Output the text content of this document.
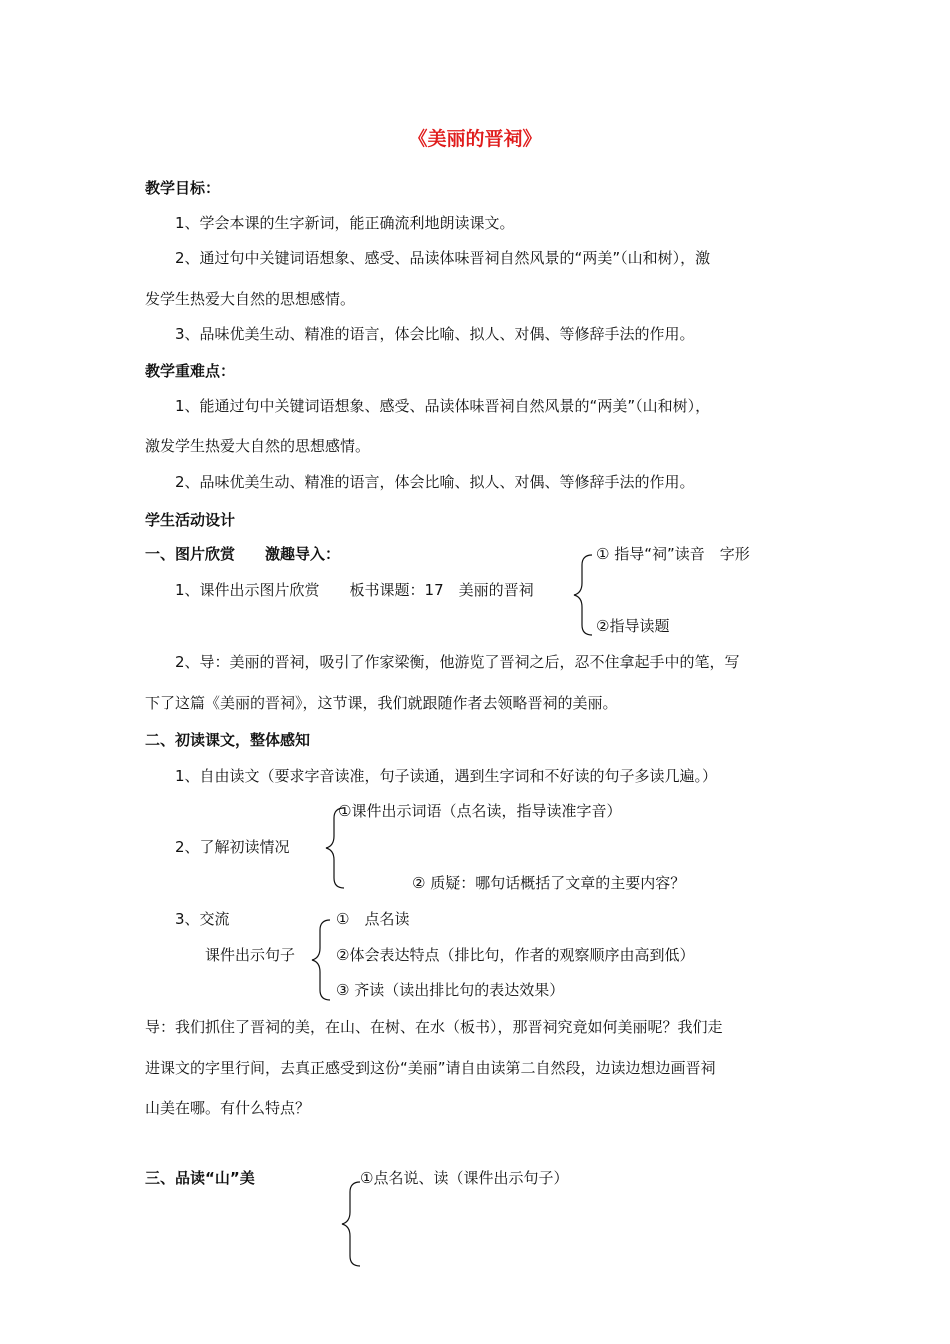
《美丽的晋祠》
教学目标：
1、学会本课的生字新词，能正确流利地朗读课文。
2、通过句中关键词语想象、感受、品读体味晋祠自然风景的“两美”（山和树），激
发学生热爱大自然的思想感情。
3、品味优美生动、精准的语言，体会比喻、拟人、对偶、等修辞手法的作用。
教学重难点：
1、能通过句中关键词语想象、感受、品读体味晋祠自然风景的“两美”（山和树），
激发学生热爱大自然的思想感情。
2、品味优美生动、精准的语言，体会比喻、拟人、对偶、等修辞手法的作用。
学生活动设计
一、图片欣赏　　激趣导入：
1、课件出示图片欣赏　　板书课题：17　美丽的晋祠
① 指导“祠”读音　字形
②指导读题
2、导：美丽的晋祠，吸引了作家梁衡，他游览了晋祠之后，忍不住拿起手中的笔，写
下了这篇《美丽的晋祠》，这节课，我们就跟随作者去领略晋祠的美丽。
二、初读课文，整体感知
1、自由读文（要求字音读准，句子读通，遇到生字词和不好读的句子多读几遍。）
2、了解初读情况
①课件出示词语（点名读，指导读准字音）
② 质疑：哪句话概括了文章的主要内容？
3、交流
课件出示句子
①　点名读
②体会表达特点（排比句，作者的观察顺序由高到低）
③ 齐读（读出排比句的表达效果）
导：我们抓住了晋祠的美，在山、在树、在水（板书），那晋祠究竟如何美丽呢？我们走
进课文的字里行间，去真正感受到这份“美丽”请自由读第二自然段，边读边想边画晋祠
山美在哪。有什么特点？
三、品读“山”美	①点名说、读（课件出示句子）
